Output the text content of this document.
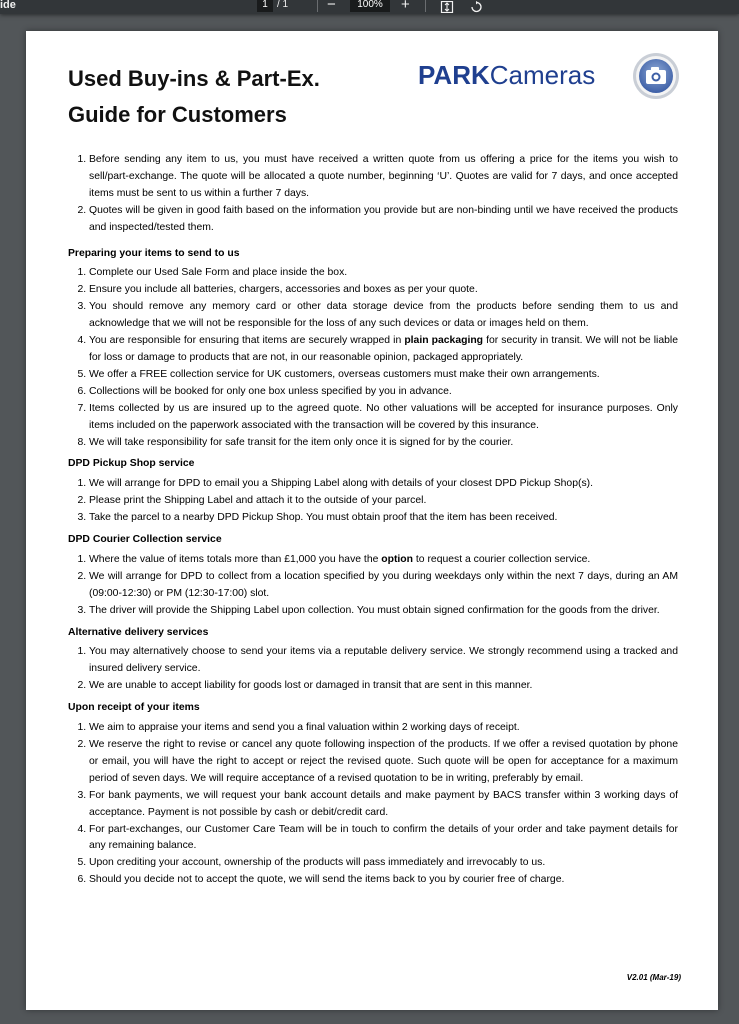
ide	1 / 1	−	100%	+
Used Buy-ins & Part-Ex.
Guide for Customers
PARKCameras
1. Before sending any item to us, you must have received a written quote from us offering a price for the items you wish to sell/part-exchange. The quote will be allocated a quote number, beginning ‘U’. Quotes are valid for 7 days, and once accepted items must be sent to us within a further 7 days.
2. Quotes will be given in good faith based on the information you provide but are non-binding until we have received the products and inspected/tested them.
Preparing your items to send to us
1. Complete our Used Sale Form and place inside the box.
2. Ensure you include all batteries, chargers, accessories and boxes as per your quote.
3. You should remove any memory card or other data storage device from the products before sending them to us and acknowledge that we will not be responsible for the loss of any such devices or data or images held on them.
4. You are responsible for ensuring that items are securely wrapped in plain packaging for security in transit. We will not be liable for loss or damage to products that are not, in our reasonable opinion, packaged appropriately.
5. We offer a FREE collection service for UK customers, overseas customers must make their own arrangements.
6. Collections will be booked for only one box unless specified by you in advance.
7. Items collected by us are insured up to the agreed quote. No other valuations will be accepted for insurance purposes. Only items included on the paperwork associated with the transaction will be covered by this insurance.
8. We will take responsibility for safe transit for the item only once it is signed for by the courier.
DPD Pickup Shop service
1. We will arrange for DPD to email you a Shipping Label along with details of your closest DPD Pickup Shop(s).
2. Please print the Shipping Label and attach it to the outside of your parcel.
3. Take the parcel to a nearby DPD Pickup Shop. You must obtain proof that the item has been received.
DPD Courier Collection service
1. Where the value of items totals more than £1,000 you have the option to request a courier collection service.
2. We will arrange for DPD to collect from a location specified by you during weekdays only within the next 7 days, during an AM (09:00-12:30) or PM (12:30-17:00) slot.
3. The driver will provide the Shipping Label upon collection. You must obtain signed confirmation for the goods from the driver.
Alternative delivery services
1. You may alternatively choose to send your items via a reputable delivery service. We strongly recommend using a tracked and insured delivery service.
2. We are unable to accept liability for goods lost or damaged in transit that are sent in this manner.
Upon receipt of your items
1. We aim to appraise your items and send you a final valuation within 2 working days of receipt.
2. We reserve the right to revise or cancel any quote following inspection of the products. If we offer a revised quotation by phone or email, you will have the right to accept or reject the revised quote. Such quote will be open for acceptance for a maximum period of seven days. We will require acceptance of a revised quotation to be in writing, preferably by email.
3. For bank payments, we will request your bank account details and make payment by BACS transfer within 3 working days of acceptance. Payment is not possible by cash or debit/credit card.
4. For part-exchanges, our Customer Care Team will be in touch to confirm the details of your order and take payment details for any remaining balance.
5. Upon crediting your account, ownership of the products will pass immediately and irrevocably to us.
6. Should you decide not to accept the quote, we will send the items back to you by courier free of charge.
V2.01 (Mar-19)
